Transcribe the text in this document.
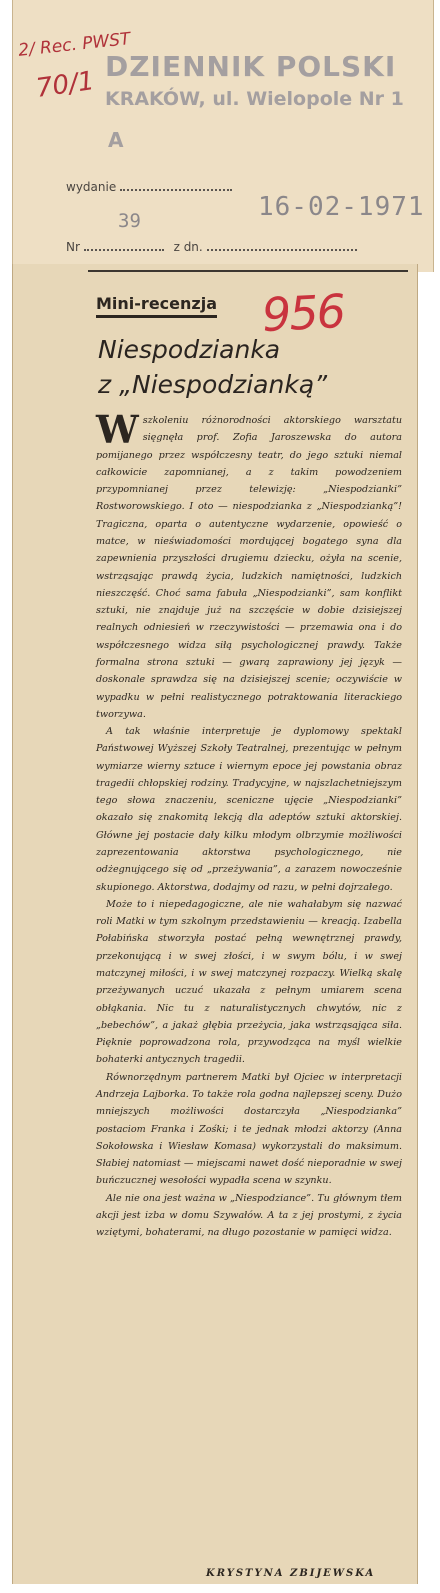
2/ Rec. PWST
70/1 DZIENNIK POLSKI
KRAKÓW, ul. Wielopole Nr 1
A
wydanie
Nr	z dn.
39	16-02-1971
Mini-recenzja 956
Niespodzianka
z „Niespodzianką”

Wszkoleniu różnorodności aktorskiego warsztatu sięgnęła prof. Zofia Jaroszewska do autora pomijanego przez współczesny teatr, do jego sztuki niemal całkowicie zapomnianej, a z takim powodzeniem przypomnianej przez telewizję: „Niespodzianki” Rostworowskiego. I oto — niespodzianka z „Niespodzianką”! Tragiczna, oparta o autentyczne wydarzenie, opowieść o matce, w nieświadomości mordującej bogatego syna dla zapewnienia przyszłości drugiemu dziecku, ożyła na scenie, wstrząsając prawdą życia, ludzkich namiętności, ludzkich nieszczęść. Choć sama fabuła „Niespodzianki”, sam konflikt sztuki, nie znajduje już na szczęście w dobie dzisiejszej realnych odniesień w rzeczywistości — przemawia ona i do współczesnego widza siłą psychologicznej prawdy. Także formalna strona sztuki — gwarą zaprawiony jej język — doskonale sprawdza się na dzisiejszej scenie; oczywiście w wypadku w pełni realistycznego potraktowania literackiego tworzywa.

A tak właśnie interpretuje je dyplomowy spektakl Państwowej Wyższej Szkoły Teatralnej, prezentując w pełnym wymiarze wierny sztuce i wiernym epoce jej powstania obraz tragedii chłopskiej rodziny. Tradycyjne, w najszlachetniejszym tego słowa znaczeniu, sceniczne ujęcie „Niespodzianki” okazało się znakomitą lekcją dla adeptów sztuki aktorskiej. Główne jej postacie dały kilku młodym olbrzymie możliwości zaprezentowania aktorstwa psychologicznego, nie odżegnującego się od „przeżywania”, a zarazem nowocześnie skupionego. Aktorstwa, dodajmy od razu, w pełni dojrzałego.

Może to i niepedagogiczne, ale nie wahałabym się nazwać roli Matki w tym szkolnym przedstawieniu — kreacją. Izabella Połabińska stworzyła postać pełną wewnętrznej prawdy, przekonującą i w swej złości, i w swym bólu, i w swej matczynej miłości, i w swej matczynej rozpaczy. Wielką skalę przeżywanych uczuć ukazała z pełnym umiarem scena obłąkania. Nic tu z naturalistycznych chwytów, nic z „bebechów”, a jakaż głębia przeżycia, jaka wstrząsająca siła. Pięknie poprowadzona rola, przywodząca na myśl wielkie bohaterki antycznych tragedii.

Równorzędnym partnerem Matki był Ojciec w interpretacji Andrzeja Lajborka. To także rola godna najlepszej sceny. Dużo mniejszych możliwości dostarczyła „Niespodzianka” postaciom Franka i Zośki; i te jednak młodzi aktorzy (Anna Sokołowska i Wiesław Komasa) wykorzystali do maksimum. Słabiej natomiast — miejscami nawet dość nieporadnie w swej buńczucznej wesołości wypadła scena w szynku.

Ale nie ona jest ważna w „Niespodziance”. Tu głównym tłem akcji jest izba w domu Szywałów. A ta z jej prostymi, z życia wziętymi, bohaterami, na długo pozostanie w pamięci widza.

KRYSTYNA ZBIJEWSKA
